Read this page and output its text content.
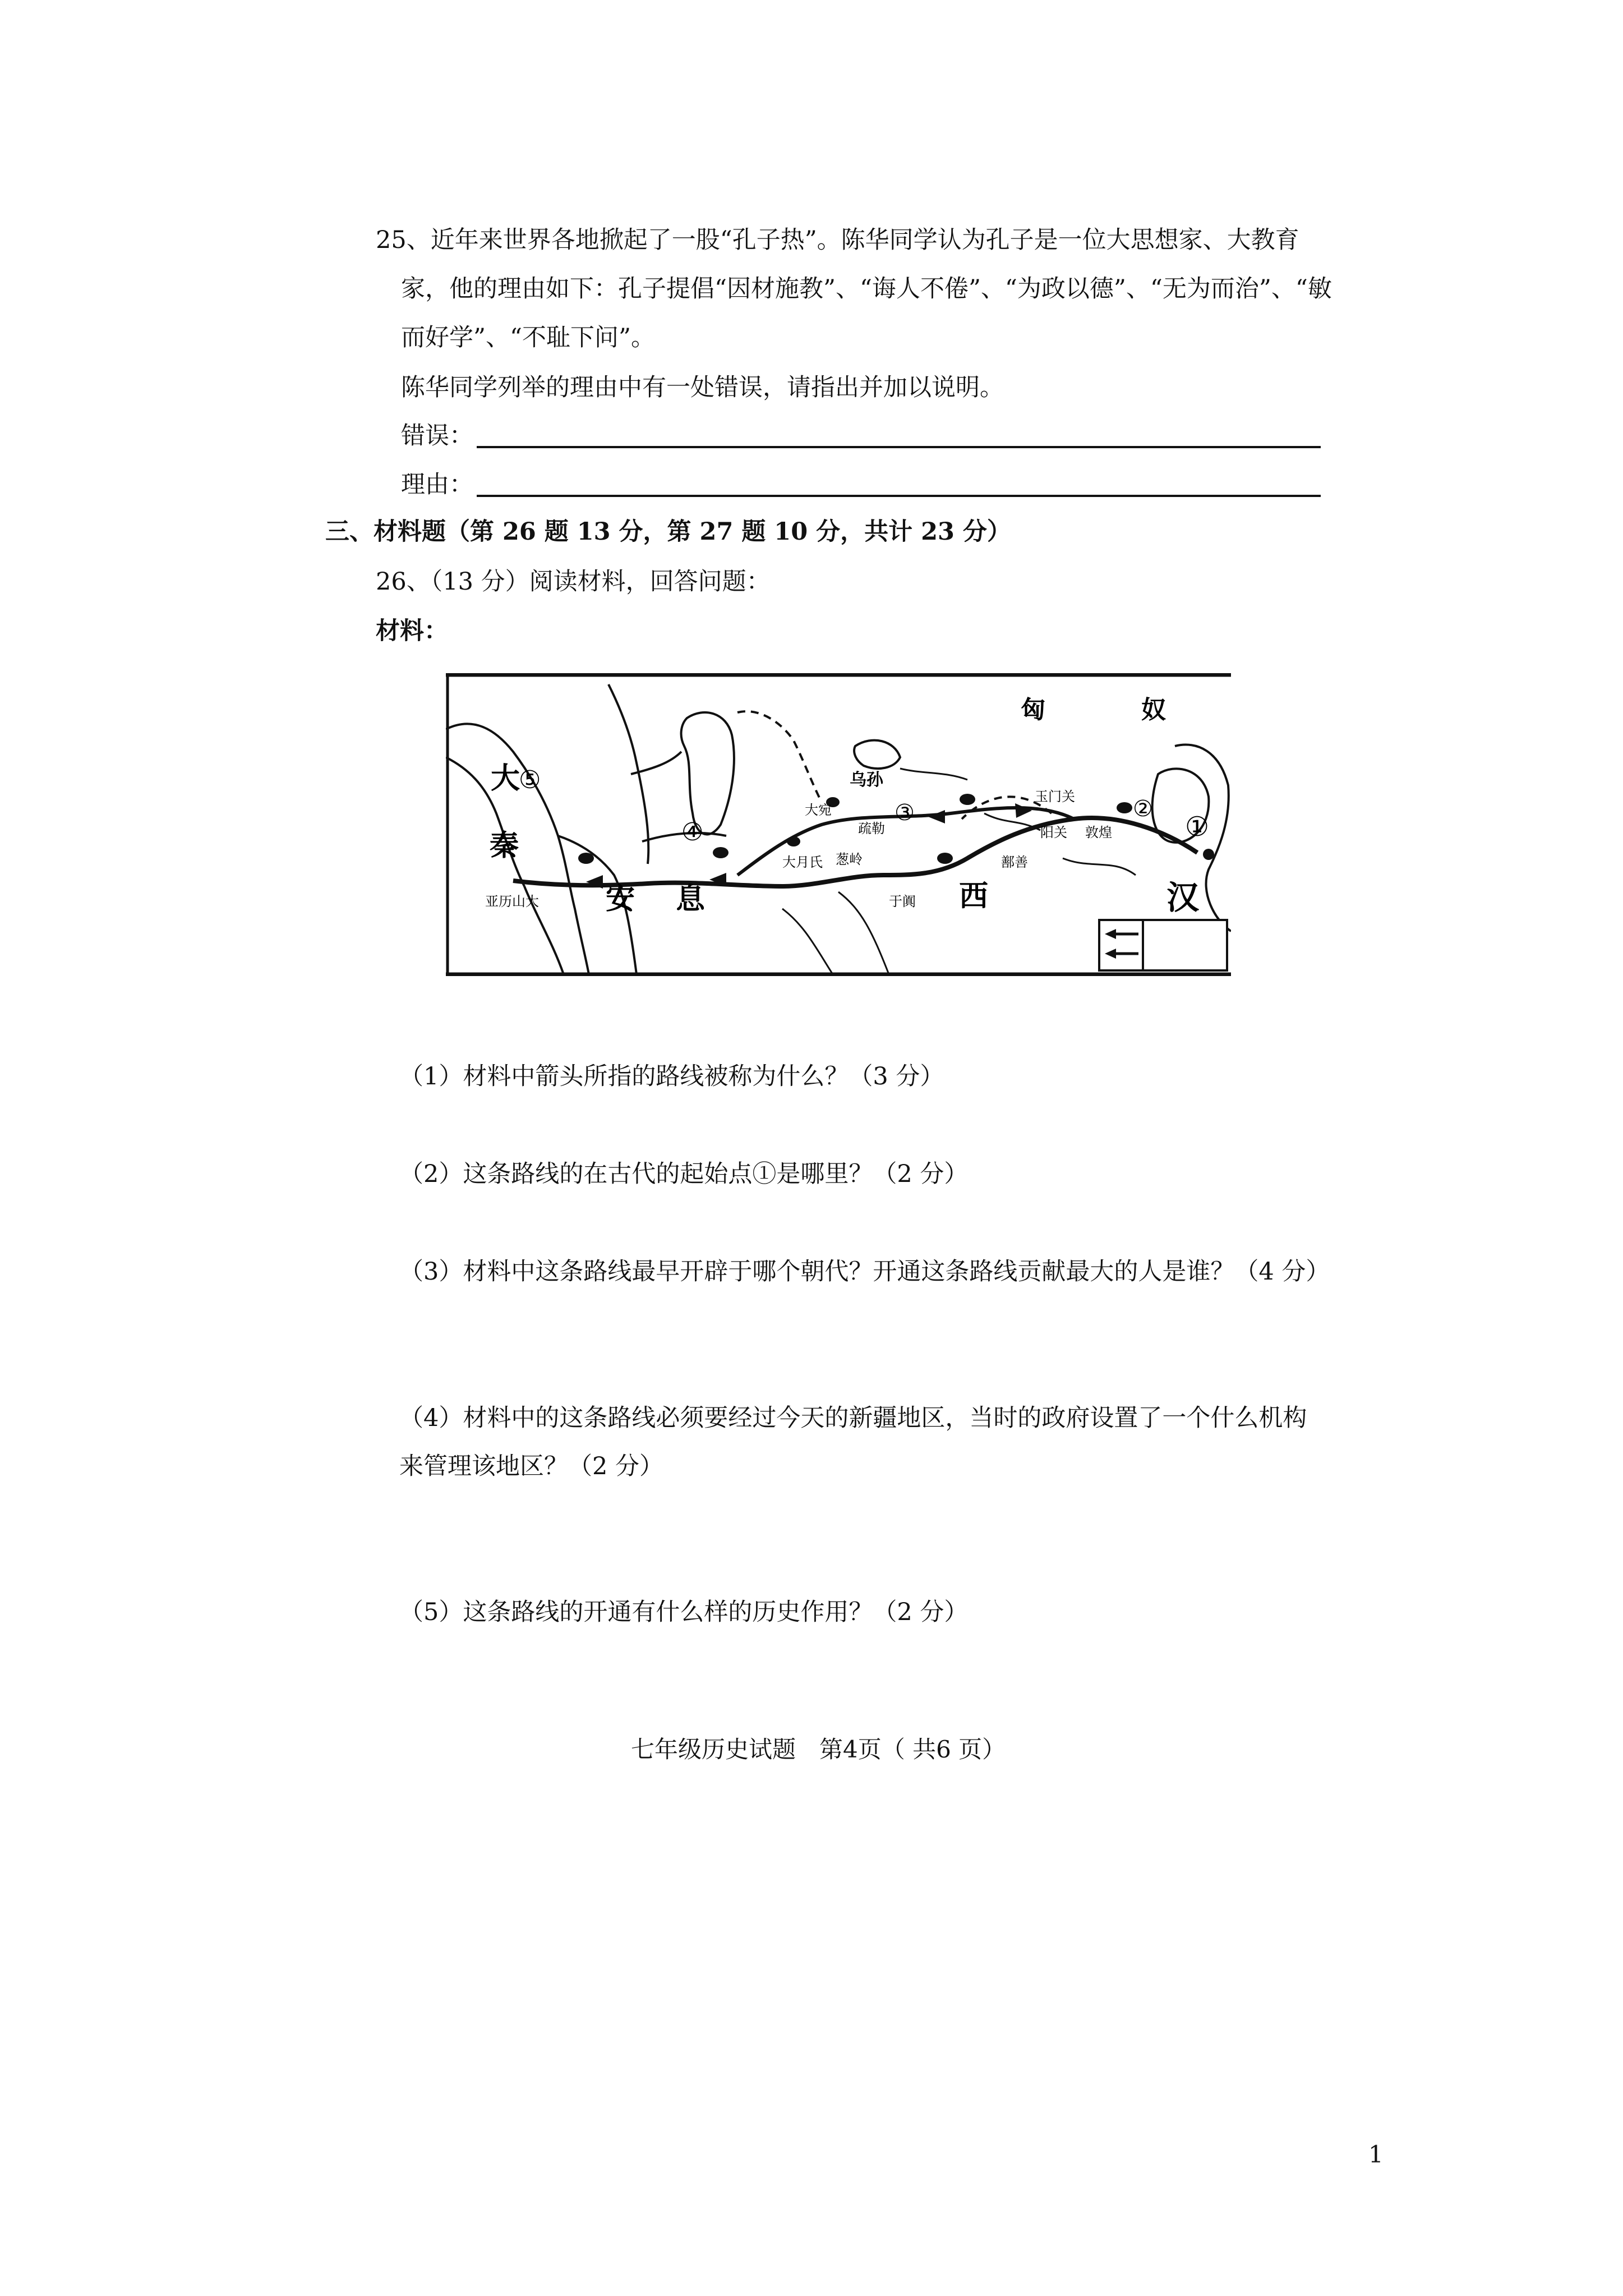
25、近年来世界各地掀起了一股“孔子热”。陈华同学认为孔子是一位大思想家、大教育
家，他的理由如下：孔子提倡“因材施教”、“诲人不倦”、“为政以德”、“无为而治”、“敏
而好学”、“不耻下问”。
陈华同学列举的理由中有一处错误，请指出并加以说明。
错误：
理由：
三、材料题（第 26 题 13 分，第 27 题 10 分，共计 23 分）
26、（13 分）阅读材料，回答问题：
材料：
匈	奴
汉
西
安 息
大
秦
乌孙
大宛
疏勒
大月氏 葱岭
于阗
鄯善
玉门关
阳关 敦煌
亚历山大
①
②
③
④
⑤
（1）材料中箭头所指的路线被称为什么？（3 分）
（2）这条路线的在古代的起始点①是哪里？（2 分）
（3）材料中这条路线最早开辟于哪个朝代？开通这条路线贡献最大的人是谁？（4 分）
（4）材料中的这条路线必须要经过今天的新疆地区，当时的政府设置了一个什么机构
来管理该地区？（2 分）
（5）这条路线的开通有什么样的历史作用？（2 分）
七年级历史试题　第4页（ 共6 页）
1
